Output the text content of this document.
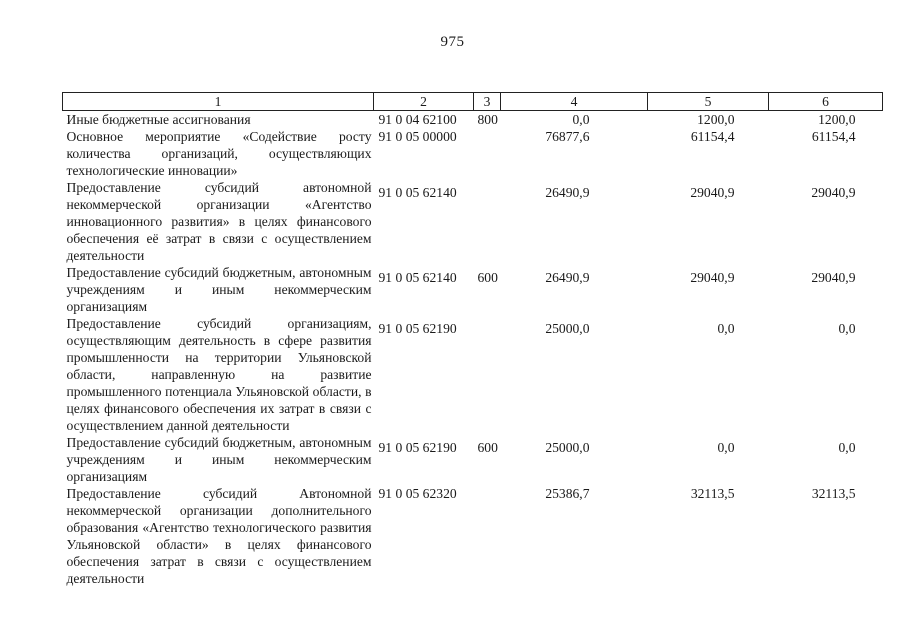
975
1	2	3	4	5	6
Иные бюджетные ассигнования	91 0 04 62100	800	0,0	1200,0	1200,0
Основное мероприятие «Содействие росту количества организаций, осуществляющих технологические инновации»	91 0 05 00000		76877,6	61154,4	61154,4
Предоставление субсидий автономной некоммерческой организации «Агентство инновационного развития» в целях финансового обеспечения её затрат в связи с осуществлением деятельности	91 0 05 62140		26490,9	29040,9	29040,9
Предоставление субсидий бюджетным, автономным учреждениям и иным некоммерческим организациям	91 0 05 62140	600	26490,9	29040,9	29040,9
Предоставление субсидий организациям, осуществляющим деятельность в сфере развития промышленности на территории Ульяновской области, направленную на развитие промышленного потенциала Ульяновской области, в целях финансового обеспечения их затрат в связи с осуществлением данной деятельности	91 0 05 62190		25000,0	0,0	0,0
Предоставление субсидий бюджетным, автономным учреждениям и иным некоммерческим организациям	91 0 05 62190	600	25000,0	0,0	0,0
Предоставление субсидий Автономной некоммерческой организации дополнительного образования «Агентство технологического развития Ульяновской области» в целях финансового обеспечения затрат в связи с осуществлением деятельности	91 0 05 62320		25386,7	32113,5	32113,5
